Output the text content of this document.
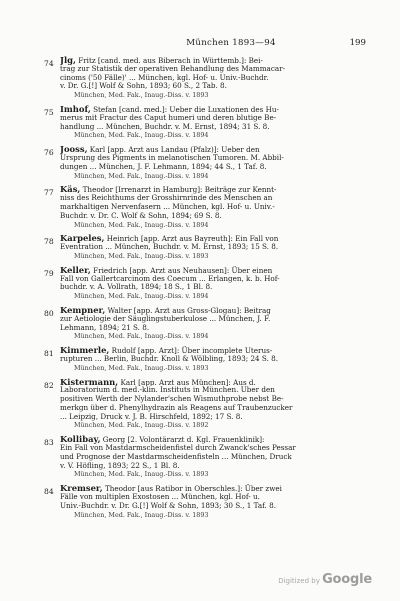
München 1893—94	199
74 Jlg, Fritz [cand. med. aus Biberach in Württemb.]: Bei-
trag zur Statistik der operativen Behandlung des Mammacar-
cinoms ('50 Fälle)' ... München, kgl. Hof- u. Univ.-Buchdr.
v. Dr. G.[!] Wolf & Sohn, 1893; 60 S., 2 Tab. 8.
München, Med. Fak., Inaug.-Diss. v. 1893
75 Imhof, Stefan [cand. med.]: Ueber die Luxationen des Hu-
merus mit Fractur des Caput humeri und deren blutige Be-
handlung ... München, Buchdr. v. M. Ernst, 1894; 31 S. 8.
München, Med. Fak., Inaug.-Diss. v. 1894
76 Jooss, Karl [app. Arzt aus Landau (Pfalz)]: Ueber den
Ursprung des Pigments in melanotischen Tumoren. M. Abbil-
dungen ... München, J. F. Lehmann, 1894; 44 S., 1 Taf. 8.
München, Med. Fak., Inaug.-Diss. v. 1894
77 Käs, Theodor [Irrenarzt in Hamburg]: Beiträge zur Kennt-
niss des Reichthums der Grosshirnrinde des Menschen an
markhaltigen Nervenfasern ... München, kgl. Hof- u. Univ.-
Buchdr. v. Dr. C. Wolf & Sohn, 1894; 69 S. 8.
München, Med. Fak., Inaug.-Diss. v. 1894
78 Karpeles, Heinrich [app. Arzt aus Bayreuth]: Ein Fall von
Eventration ... München, Buchdr. v. M. Ernst, 1893; 15 S. 8.
München, Med. Fak., Inaug.-Diss. v. 1893
79 Keller, Friedrich [app. Arzt aus Neuhausen]: Über einen
Fall von Gallertcarcinom des Coecum ... Erlangen, k. b. Hof-
buchdr. v. A. Vollrath, 1894; 18 S., 1 Bl. 8.
München, Med. Fak., Inaug.-Diss. v. 1894
80 Kempner, Walter [app. Arzt aus Gross-Glogau]: Beitrag
zur Aetiologie der Säuglingstuberkulose ... München, J. F.
Lehmann, 1894; 21 S. 8.
München, Med. Fak., Inaug.-Diss. v. 1894
81 Kimmerle, Rudolf [app. Arzt]: Über incomplete Uterus-
rupturen ... Berlin, Buchdr. Knoll & Wölbling, 1893; 24 S. 8.
München, Med. Fak., Inaug.-Diss. v. 1893
82 Kistermann, Karl [app. Arzt aus München]: Aus d.
Laboratorium d. med.-klin. Instituts in München. Über den
positiven Werth der Nylander'schen Wismuthprobe nebst Be-
merkgn über d. Phenylhydrazin als Reagens auf Traubenzucker
... Leipzig, Druck v. J. B. Hirschfeld, 1892; 17 S. 8.
München, Med. Fak., Inaug.-Diss. v. 1892
83 Kollibay, Georg [2. Volontärarzt d. Kgl. Frauenklinik]:
Ein Fall von Mastdarmscheidenfistel durch Zwanck'sches Pessar
und Prognose der Mastdarmscheidenfisteln ... München, Druck
v. V. Höfling, 1893; 22 S., 1 Bl. 8.
München, Med. Fak., Inaug.-Diss. v. 1893
84 Kremser, Theodor [aus Ratibor in Oberschles.]: Über zwei
Fälle von multiplen Exostosen ... München, kgl. Hof- u.
Univ.-Buchdr. v. Dr. G.[!] Wolf & Sohn, 1893; 30 S., 1 Taf. 8.
München, Med. Fak., Inaug.-Diss. v. 1893
Digitized by Google
